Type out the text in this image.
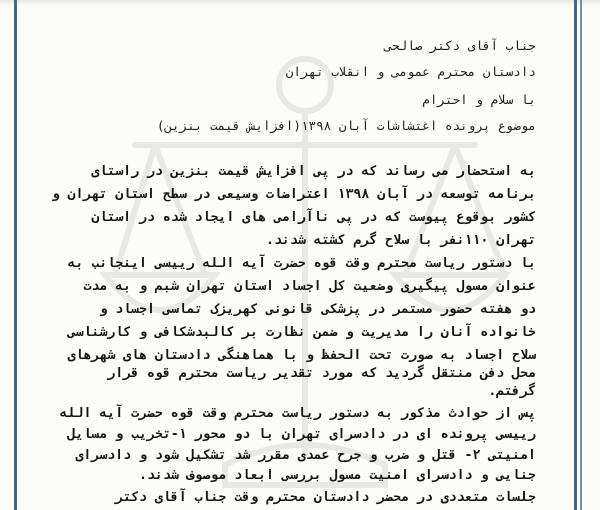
جناب آقای دکتر صالحی

دادستان محترم عمومی و انقلاب تهران

با سلام و احترام

موضوع پرونده اغتشاشات آبان ۱۳۹۸(افزایش قیمت بنزین)

به استحضار می رساند که در پی افزایش قیمت بنزین در راستای

برنامه توسعه در آبان ۱۳۹۸ اعتراضات وسیعی در سطح استان تهران و

کشور بوقوع پیوست که در پی ناآرامی های ایجاد شده در استان

تهران ۱۱۰نفر با سلاح گرم کشته شدند.

با دستور ریاست محترم وقت قوه حضرت آیه الله رییسی اینجانب به

عنوان مسول پیگیری وضعیت کل اجساد استان تهران شبم و به مدت

دو هفته حضور مستمر در پزشکی قانونی کهریزک تماسی اجساد و

خانواده آنان را مدیریت و ضمن نظارت بر کالبدشکافی و کارشناسی

سلاح اجساد به صورت تحت الحفظ و با هماهنگی دادستان های شهرهای

محل دفن منتقل گردید که مورد تقدیر ریاست محترم قوه قرار

گرفتم.

پس از حوادث مذکور به دستور ریاست محترم وقت قوه حضرت آیه الله

رییسی پرونده ای در دادسرای تهران با دو محور ۱-تخریب و مسایل

امنیتی ۲- قتل و ضرب و جرح عمدی مقرر شد تشکیل شود و دادسرای

جنایی و دادسرای امنیت مسول بررسی ابعاد موصوف شدند.

جلسات متعددی در محضر دادستان محترم وقت جناب آقای دکتر
